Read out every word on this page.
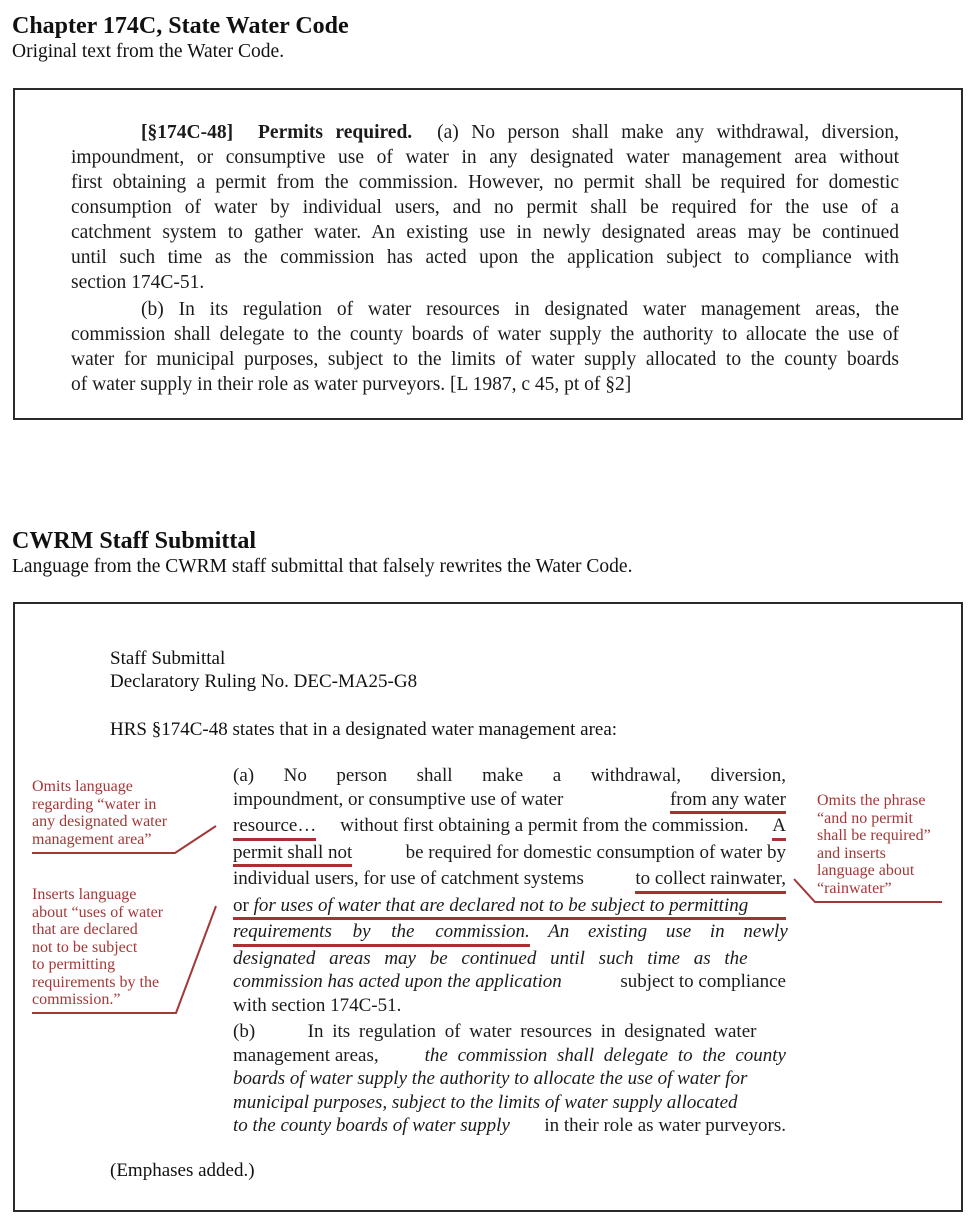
Chapter 174C, State Water Code
Original text from the Water Code.
[§174C-48] Permits required. (a) No person shall make any withdrawal, diversion,
impoundment, or consumptive use of water in any designated water management area without
first obtaining a permit from the commission. However, no permit shall be required for domestic
consumption of water by individual users, and no permit shall be required for the use of a
catchment system to gather water. An existing use in newly designated areas may be continued
until such time as the commission has acted upon the application subject to compliance with
section 174C-51.
(b) In its regulation of water resources in designated water management areas, the
commission shall delegate to the county boards of water supply the authority to allocate the use of
water for municipal purposes, subject to the limits of water supply allocated to the county boards
of water supply in their role as water purveyors. [L 1987, c 45, pt of §2]
CWRM Staff Submittal
Language from the CWRM staff submittal that falsely rewrites the Water Code.
Staff Submittal
Declaratory Ruling No. DEC-MA25-G8
HRS §174C-48 states that in a designated water management area:
(a) No person shall make a withdrawal, diversion,
impoundment, or consumptive use of water	from any water
resource… without first obtaining a permit from the commission. A
permit shall not	be required for domestic consumption of water by
individual users, for use of catchment systems to collect rainwater,
or for uses of water that are declared not to be subject to permitting
requirements by the commission. An existing use in newly
designated areas may be continued until such time as the
commission has acted upon the application	subject to compliance
with section 174C-51.
(b)      In its regulation of water resources in designated water
management areas, the commission shall delegate to the county
boards of water supply the authority to allocate the use of water for
municipal purposes, subject to the limits of water supply allocated
to the county boards of water supply in their role as water purveyors.
(Emphases added.)
Omits language
regarding “water in
any designated water
management area”
Inserts language
about “uses of water
that are declared
not to be subject
to permitting
requirements by the
commission.”
Omits the phrase
“and no permit
shall be required”
and inserts
language about
“rainwater”
